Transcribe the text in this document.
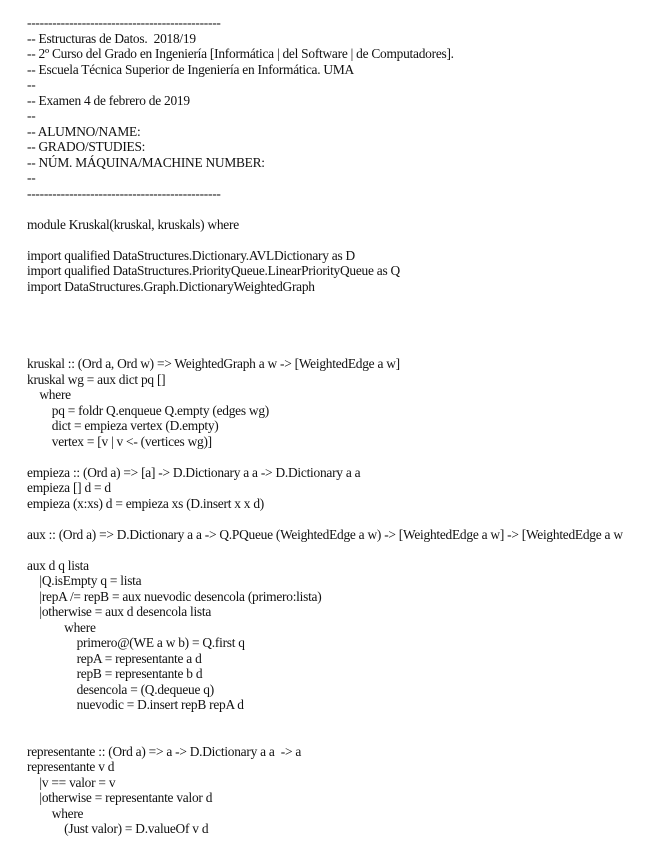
----------------------------------------------
-- Estructuras de Datos.  2018/19
-- 2º Curso del Grado en Ingeniería [Informática | del Software | de Computadores].
-- Escuela Técnica Superior de Ingeniería en Informática. UMA
--
-- Examen 4 de febrero de 2019
--
-- ALUMNO/NAME:
-- GRADO/STUDIES:
-- NÚM. MÁQUINA/MACHINE NUMBER:
--
----------------------------------------------
module Kruskal(kruskal, kruskals) where
import qualified DataStructures.Dictionary.AVLDictionary as D
import qualified DataStructures.PriorityQueue.LinearPriorityQueue as Q
import DataStructures.Graph.DictionaryWeightedGraph
kruskal :: (Ord a, Ord w) => WeightedGraph a w -> [WeightedEdge a w]
kruskal wg = aux dict pq []
where
pq = foldr Q.enqueue Q.empty (edges wg)
dict = empieza vertex (D.empty)
vertex = [v | v <- (vertices wg)]
empieza :: (Ord a) => [a] -> D.Dictionary a a -> D.Dictionary a a
empieza [] d = d
empieza (x:xs) d = empieza xs (D.insert x x d)
aux :: (Ord a) => D.Dictionary a a -> Q.PQueue (WeightedEdge a w) -> [WeightedEdge a w] -> [WeightedEdge a w
aux d q lista
|Q.isEmpty q = lista
|repA /= repB = aux nuevodic desencola (primero:lista)
|otherwise = aux d desencola lista
where
primero@(WE a w b) = Q.first q
repA = representante a d
repB = representante b d
desencola = (Q.dequeue q)
nuevodic = D.insert repB repA d
representante :: (Ord a) => a -> D.Dictionary a a  -> a
representante v d
|v == valor = v
|otherwise = representante valor d
where
(Just valor) = D.valueOf v d
